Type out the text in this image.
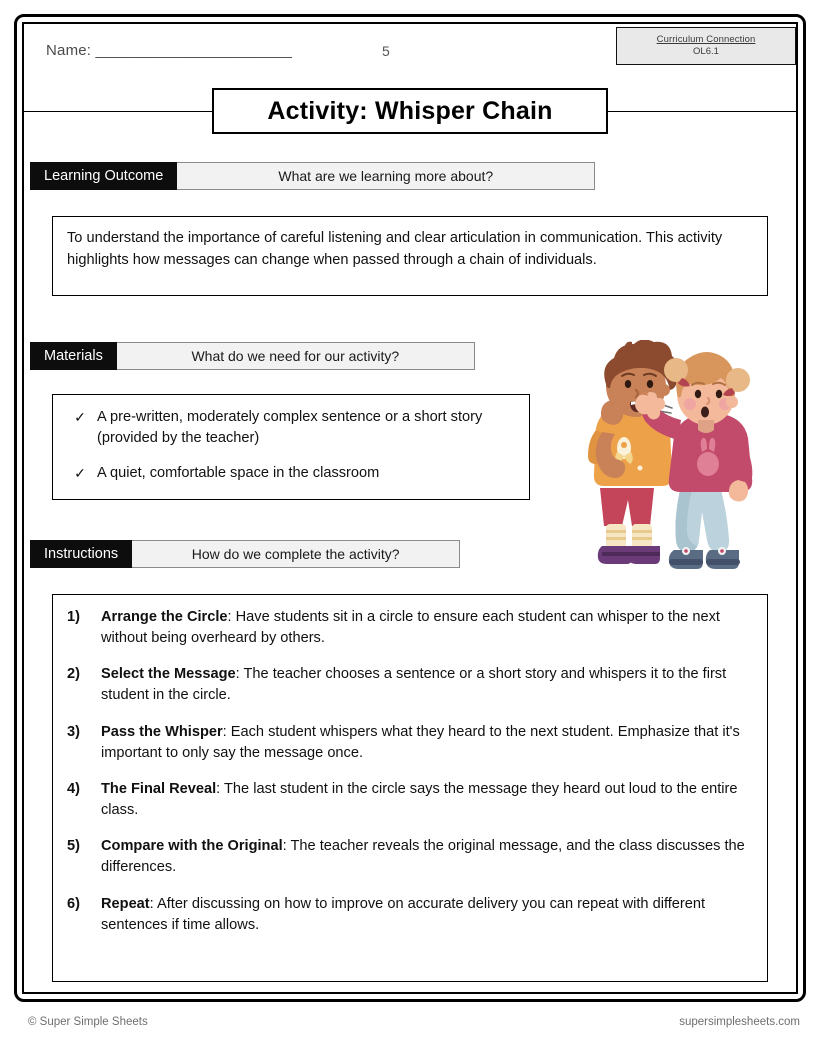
Name: _______________________	5
Curriculum Connection
OL6.1
Activity: Whisper Chain
Learning Outcome	What are we learning more about?
To understand the importance of careful listening and clear articulation in communication. This activity highlights how messages can change when passed through a chain of individuals.
Materials	What do we need for our activity?
✓ A pre-written, moderately complex sentence or a short story (provided by the teacher)
✓ A quiet, comfortable space in the classroom
Instructions	How do we complete the activity?
1)	Arrange the Circle: Have students sit in a circle to ensure each student can whisper to the next without being overheard by others.
2)	Select the Message: The teacher chooses a sentence or a short story and whispers it to the first student in the circle.
3)	Pass the Whisper: Each student whispers what they heard to the next student. Emphasize that it's important to only say the message once.
4)	The Final Reveal: The last student in the circle says the message they heard out loud to the entire class.
5)	Compare with the Original: The teacher reveals the original message, and the class discusses the differences.
6)	Repeat: After discussing on how to improve on accurate delivery you can repeat with different sentences if time allows.
© Super Simple Sheets	supersimplesheets.com
